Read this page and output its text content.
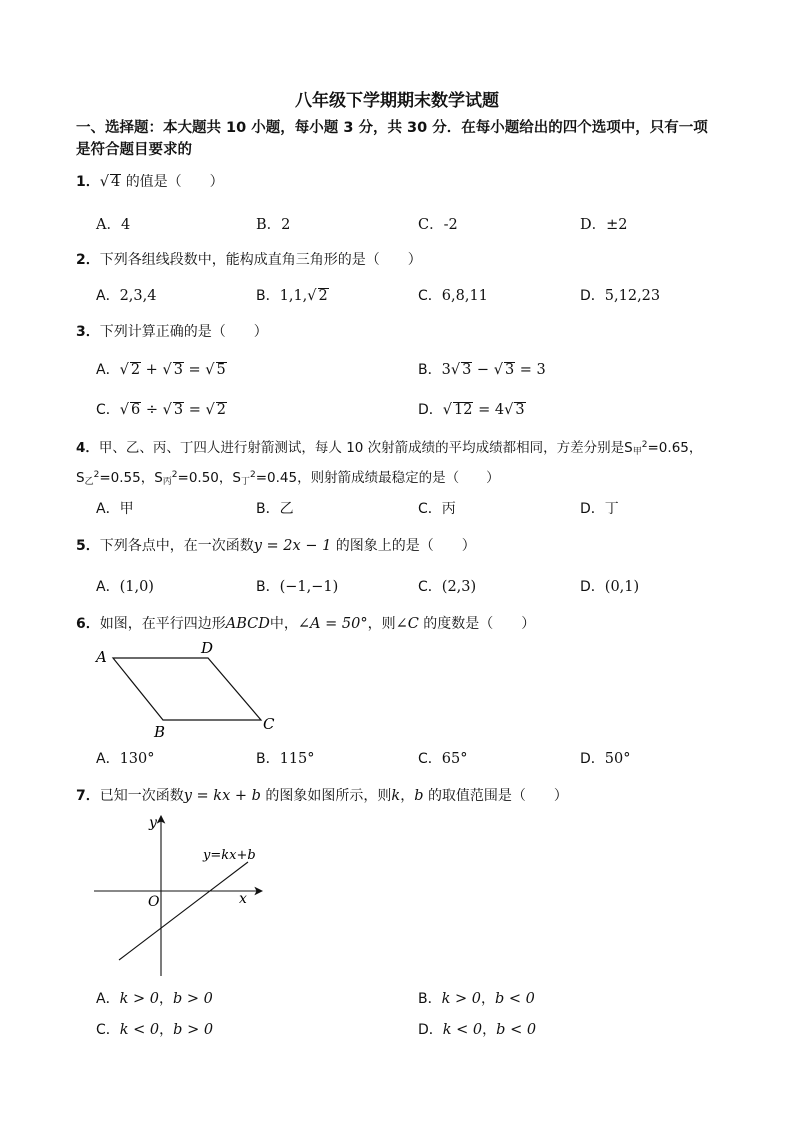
八年级下学期期末数学试题
一、选择题：本大题共 10 小题，每小题 3 分，共 30 分．在每小题给出的四个选项中，只有一项
是符合题目要求的
1．√ 4 的值是（　　）
A．4	B．2	C．-2	D．±2
2．下列各组线段数中，能构成直角三角形的是（　　）
A．2,3,4	B．1,1,√ 2	C．6,8,11	D．5,12,23
3．下列计算正确的是（　　）
A．√ 2 + √ 3 = √ 5	B．3√ 3 − √ 3 = 3
C．√ 6 ÷ √ 3 = √ 2	D．√ 12 = 4√ 3
4．甲、乙、丙、丁四人进行射箭测试，每人 10 次射箭成绩的平均成绩都相同，方差分别是$S_甲^2=0.65$，
$S_乙^2=0.55$，$S_丙^2=0.50$，$S_丁^2=0.45$，则射箭成绩最稳定的是（　　）
A．甲	B．乙	C．丙	D．丁
5．下列各点中，在一次函数y = 2x − 1 的图象上的是（　　）
A．(1,0)	B．(−1,−1)	C．(2,3)	D．(0,1)
6．如图，在平行四边形ABCD中，∠A = 50°，则∠C 的度数是（　　）
A
B	C
D
A．130°	B．115°	C．65°	D．50°
7．已知一次函数y = kx + b 的图象如图所示，则k，b 的取值范围是（　　）
y
x
O
y=kx+b
A．k > 0，b > 0	B．k > 0，b < 0
C．k < 0，b > 0	D．k < 0，b < 0
